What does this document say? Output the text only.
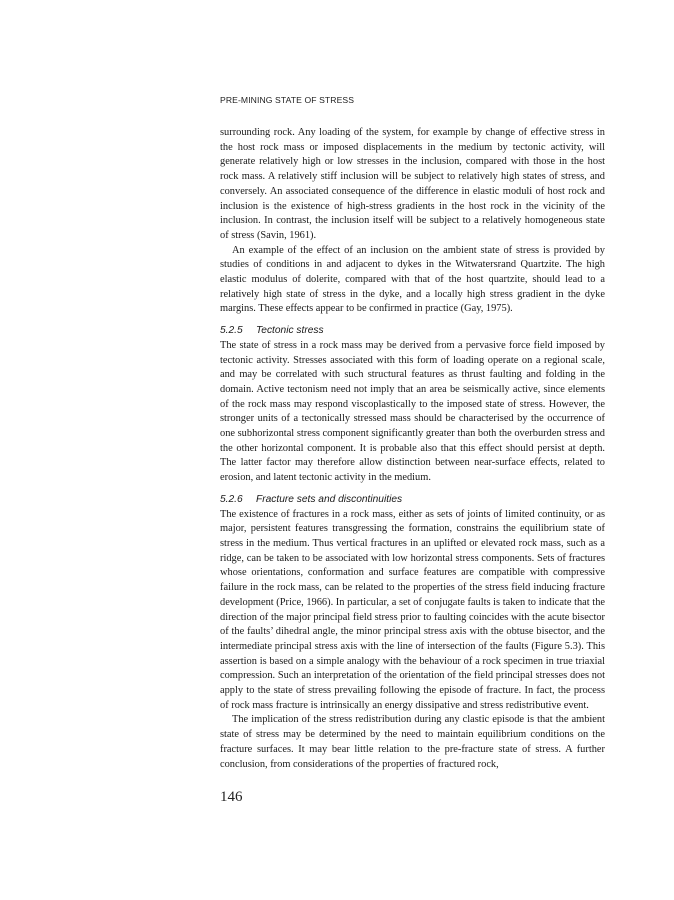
PRE-MINING STATE OF STRESS

surrounding rock. Any loading of the system, for example by change of effective stress in the host rock mass or imposed displacements in the medium by tectonic activity, will generate relatively high or low stresses in the inclusion, compared with those in the host rock mass. A relatively stiff inclusion will be subject to relatively high states of stress, and conversely. An associated consequence of the difference in elastic moduli of host rock and inclusion is the existence of high-stress gradients in the host rock in the vicinity of the inclusion. In contrast, the inclusion itself will be subject to a relatively homogeneous state of stress (Savin, 1961).

An example of the effect of an inclusion on the ambient state of stress is provided by studies of conditions in and adjacent to dykes in the Witwatersrand Quartzite. The high elastic modulus of dolerite, compared with that of the host quartzite, should lead to a relatively high state of stress in the dyke, and a locally high stress gradient in the dyke margins. These effects appear to be confirmed in practice (Gay, 1975).

5.2.5 Tectonic stress

The state of stress in a rock mass may be derived from a pervasive force field imposed by tectonic activity. Stresses associated with this form of loading operate on a regional scale, and may be correlated with such structural features as thrust faulting and folding in the domain. Active tectonism need not imply that an area be seismically active, since elements of the rock mass may respond viscoplastically to the imposed state of stress. However, the stronger units of a tectonically stressed mass should be characterised by the occurrence of one subhorizontal stress component significantly greater than both the overburden stress and the other horizontal component. It is probable also that this effect should persist at depth. The latter factor may therefore allow distinction between near-surface effects, related to erosion, and latent tectonic activity in the medium.

5.2.6 Fracture sets and discontinuities

The existence of fractures in a rock mass, either as sets of joints of limited continuity, or as major, persistent features transgressing the formation, constrains the equilibrium state of stress in the medium. Thus vertical fractures in an uplifted or elevated rock mass, such as a ridge, can be taken to be associated with low horizontal stress components. Sets of fractures whose orientations, conformation and surface features are compatible with compressive failure in the rock mass, can be related to the properties of the stress field inducing fracture development (Price, 1966). In particular, a set of conjugate faults is taken to indicate that the direction of the major principal field stress prior to faulting coincides with the acute bisector of the faults’ dihedral angle, the minor principal stress axis with the obtuse bisector, and the intermediate principal stress axis with the line of intersection of the faults (Figure 5.3). This assertion is based on a simple analogy with the behaviour of a rock specimen in true triaxial compression. Such an interpretation of the orientation of the field principal stresses does not apply to the state of stress prevailing following the episode of fracture. In fact, the process of rock mass fracture is intrinsically an energy dissipative and stress redistributive event.

The implication of the stress redistribution during any clastic episode is that the ambient state of stress may be determined by the need to maintain equilibrium conditions on the fracture surfaces. It may bear little relation to the pre-fracture state of stress. A further conclusion, from considerations of the properties of fractured rock,

146
